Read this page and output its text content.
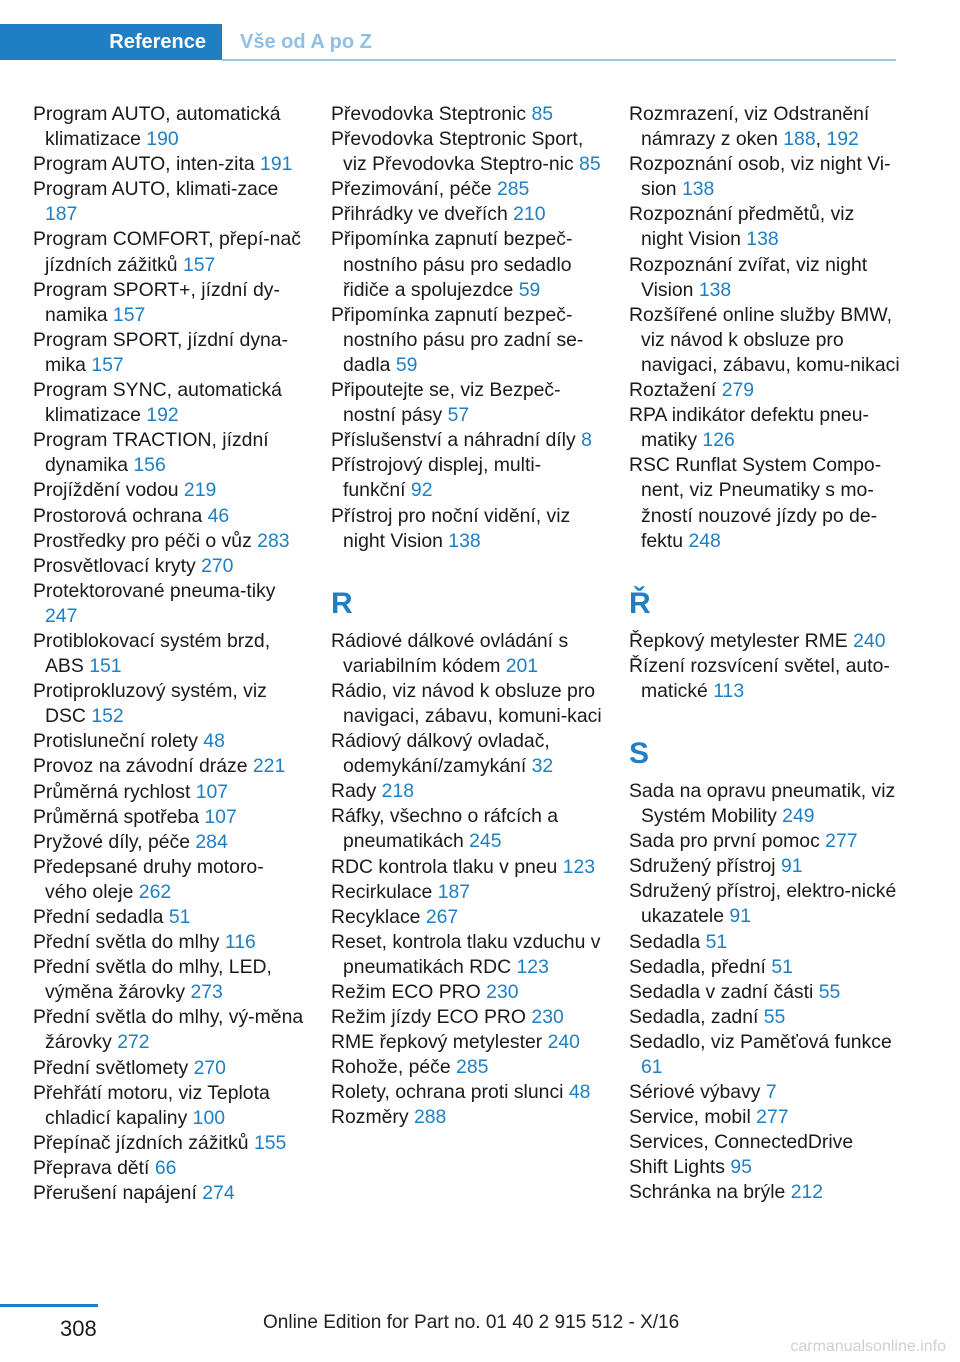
Reference	Vše od A po Z

Program AUTO, automatická klimatizace 190

Program AUTO, inten‐zita 191

Program AUTO, klimati‐zace 187

Program COMFORT, přepí‐nač jízdních zážitků 157

Program SPORT+, jízdní dy‐namika 157

Program SPORT, jízdní dyna‐mika 157

Program SYNC, automatická klimatizace 192

Program TRACTION, jízdní dynamika 156

Projíždění vodou 219

Prostorová ochrana 46

Prostředky pro péči o vůz 283

Prosvětlovací kryty 270

Protektorované pneuma‐tiky 247

Protiblokovací systém brzd, ABS 151

Protiprokluzový systém, viz DSC 152

Protisluneční rolety 48

Provoz na závodní dráze 221

Průměrná rychlost 107

Průměrná spotřeba 107

Pryžové díly, péče 284

Předepsané druhy motoro‐vého oleje 262

Přední sedadla 51

Přední světla do mlhy 116

Přední světla do mlhy, LED, výměna žárovky 273

Přední světla do mlhy, vý‐měna žárovky 272

Přední světlomety 270

Přehřátí motoru, viz Teplota chladicí kapaliny 100

Přepínač jízdních zážitků 155

Přeprava dětí 66

Přerušení napájení 274

Převodovka Steptronic 85

Převodovka Steptronic Sport, viz Převodovka Steptro‐nic 85

Přezimování, péče 285

Přihrádky ve dveřích 210

Připomínka zapnutí bezpeč‐nostního pásu pro sedadlo řidiče a spolujezdce 59

Připomínka zapnutí bezpeč‐nostního pásu pro zadní se‐dadla 59

Připoutejte se, viz Bezpeč‐nostní pásy 57

Příslušenství a náhradní díly 8

Přístrojový displej, multi‐funkční 92

Přístroj pro noční vidění, viz night Vision 138

R

Rádiové dálkové ovládání s variabilním kódem 201

Rádio, viz návod k obsluze pro navigaci, zábavu, komuni‐kaci

Rádiový dálkový ovladač, odemykání/zamykání 32

Rady 218

Ráfky, všechno o ráfcích a pneumatikách 245

RDC kontrola tlaku v pneu 123

Recirkulace 187

Recyklace 267

Reset, kontrola tlaku vzduchu v pneumatikách RDC 123

Režim ECO PRO 230

Režim jízdy ECO PRO 230

RME řepkový metylester 240

Rohože, péče 285

Rolety, ochrana proti slunci 48

Rozměry 288

Rozmrazení, viz Odstranění námrazy z oken 188, 192

Rozpoznání osob, viz night Vi‐sion 138

Rozpoznání předmětů, viz night Vision 138

Rozpoznání zvířat, viz night Vision 138

Rozšířené online služby BMW, viz návod k obsluze pro navigaci, zábavu, komu‐nikaci

Roztažení 279

RPA indikátor defektu pneu‐matiky 126

RSC Runflat System Compo‐nent, viz Pneumatiky s mo‐žností nouzové jízdy po de‐fektu 248

Ř

Řepkový metylester RME 240

Řízení rozsvícení světel, auto‐matické 113

S

Sada na opravu pneumatik, viz Systém Mobility 249

Sada pro první pomoc 277

Sdružený přístroj 91

Sdružený přístroj, elektro‐nické ukazatele 91

Sedadla 51

Sedadla, přední 51

Sedadla v zadní části 55

Sedadla, zadní 55

Sedadlo, viz Paměťová funkce 61

Sériové výbavy 7

Service, mobil 277

Services, ConnectedDrive

Shift Lights 95

Schránka na brýle 212

308	Online Edition for Part no. 01 40 2 915 512 - X/16
carmanualsonline.info
